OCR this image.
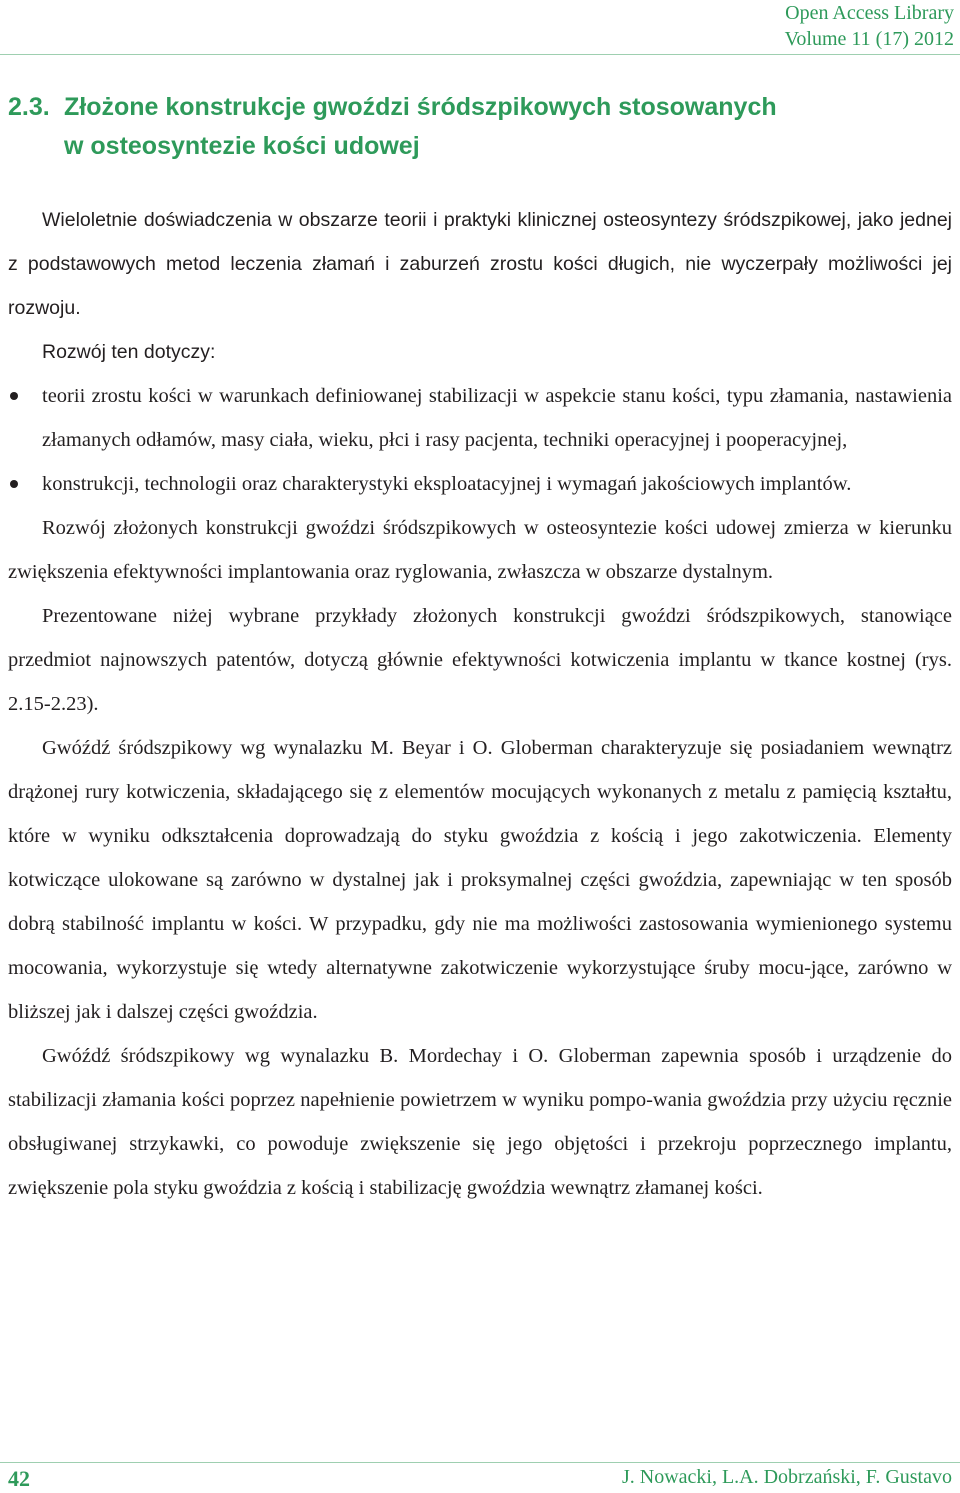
Open Access Library
Volume 11 (17) 2012
2.3. Złożone konstrukcje gwoździ śródszpikowych stosowanych
w osteosyntezie kości udowej

Wieloletnie doświadczenia w obszarze teorii i praktyki klinicznej osteosyntezy śródszpikowej, jako jednej z podstawowych metod leczenia złamań i zaburzeń zrostu kości długich, nie wyczerpały możliwości jej rozwoju.

Rozwój ten dotyczy:

teorii zrostu kości w warunkach definiowanej stabilizacji w aspekcie stanu kości, typu złamania, nastawienia złamanych odłamów, masy ciała, wieku, płci i rasy pacjenta, techniki operacyjnej i pooperacyjnej,
konstrukcji, technologii oraz charakterystyki eksploatacyjnej i wymagań jakościowych implantów.

Rozwój złożonych konstrukcji gwoździ śródszpikowych w osteosyntezie kości udowej zmierza w kierunku zwiększenia efektywności implantowania oraz ryglowania, zwłaszcza w obszarze dystalnym.

Prezentowane niżej wybrane przykłady złożonych konstrukcji gwoździ śródszpikowych, stanowiące przedmiot najnowszych patentów, dotyczą głównie efektywności kotwiczenia implantu w tkance kostnej (rys. 2.15-2.23).

Gwóźdź śródszpikowy wg wynalazku M. Beyar i O. Globerman charakteryzuje się posiadaniem wewnątrz drążonej rury kotwiczenia, składającego się z elementów mocujących wykonanych z metalu z pamięcią kształtu, które w wyniku odkształcenia doprowadzają do styku gwoździa z kością i jego zakotwiczenia. Elementy kotwiczące ulokowane są zarówno w dystalnej jak i proksymalnej części gwoździa, zapewniając w ten sposób dobrą stabilność implantu w kości. W przypadku, gdy nie ma możliwości zastosowania wymienionego systemu mocowania, wykorzystuje się wtedy alternatywne zakotwiczenie wykorzystujące śruby mocu-jące, zarówno w bliższej jak i dalszej części gwoździa.

Gwóźdź śródszpikowy wg wynalazku B. Mordechay i O. Globerman zapewnia sposób i urządzenie do stabilizacji złamania kości poprzez napełnienie powietrzem w wyniku pompo-wania gwoździa przy użyciu ręcznie obsługiwanej strzykawki, co powoduje zwiększenie się jego objętości i przekroju poprzecznego implantu, zwiększenie pola styku gwoździa z kością i stabilizację gwoździa wewnątrz złamanej kości.

42	J. Nowacki, L.A. Dobrzański, F. Gustavo
